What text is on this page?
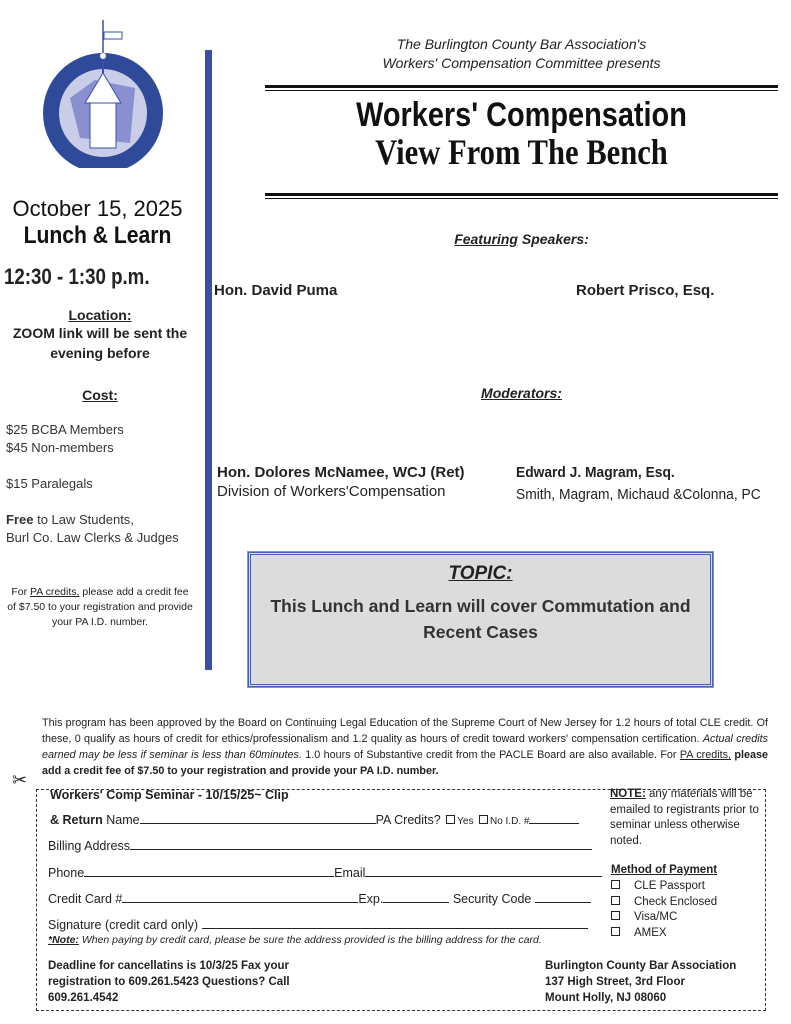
October 15, 2025
Lunch & Learn
12:30 - 1:30 p.m.
Location:
ZOOM link will be sent the evening before
Cost:
$25 BCBA Members
$45 Non-members
$15 Paralegals
Free to Law Students,
Burl Co. Law Clerks & Judges
For PA credits, please add a credit fee of $7.50 to your registration and provide your PA I.D. number.
The Burlington County Bar Association's
Workers' Compensation Committee presents
Workers' Compensation
View From The Bench
Featuring Speakers:
Hon. David Puma	Robert Prisco, Esq.
Moderators:
Hon. Dolores McNamee, WCJ (Ret)
Division of Workers'Compensation
Edward J. Magram, Esq.
Smith, Magram, Michaud &Colonna, PC
TOPIC:
This Lunch and Learn will cover Commutation and Recent Cases
This program has been approved by the Board on Continuing Legal Education of the Supreme Court of New Jersey for 1.2 hours of total CLE credit. Of these, 0 qualify as hours of credit for ethics/professionalism and 1.2 quality as hours of credit toward workers' compensation certification. Actual credits earned may be less if seminar is less than 60minutes. 1.0 hours of Substantive credit from the PACLE Board are also available. For PA credits, please add a credit fee of $7.50 to your registration and provide your PA I.D. number.
✂
Workers' Comp Seminar - 10/15/25~ Clip
& Return Name	PA Credits? Yes No I.D. #
Billing Address
Phone	Email
Credit Card #	Exp.	Security Code
Signature (credit card only)
*Note: When paying by credit card, please be sure the address provided is the billing address for the card.
NOTE: any materials will be emailed to registrants prior to seminar unless otherwise noted.
Method of Payment
CLE Passport
Check Enclosed
Visa/MC
AMEX
Deadline for cancellatins is 10/3/25 Fax your
registration to 609.261.5423 Questions? Call
609.261.4542
Burlington County Bar Association
137 High Street, 3rd Floor
Mount Holly, NJ 08060
